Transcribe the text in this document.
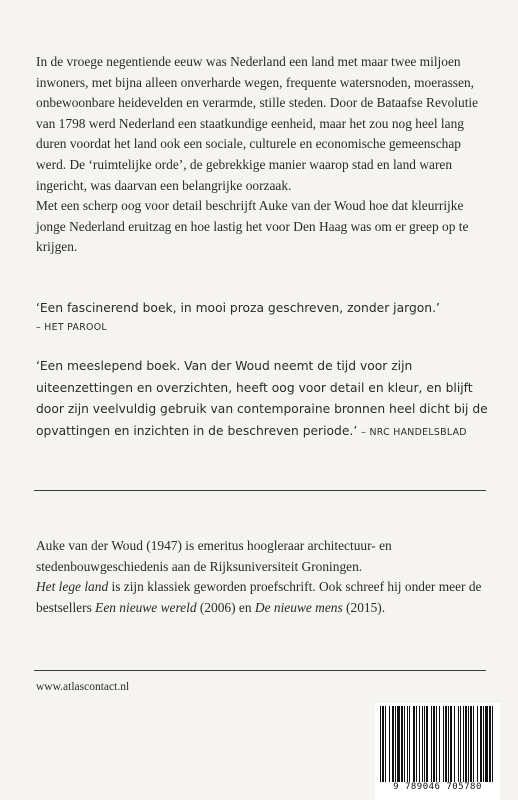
In de vroege negentiende eeuw was Nederland een land met maar twee miljoen inwoners, met bijna alleen onverharde wegen, frequente watersnoden, moerassen, onbewoonbare heidevelden en verarmde, stille steden. Door de Bataafse Revolutie van 1798 werd Nederland een staatkundige eenheid, maar het zou nog heel lang duren voordat het land ook een sociale, culturele en economische gemeenschap werd. De ‘ruimtelijke orde’, de gebrekkige manier waarop stad en land waren ingericht, was daarvan een belangrijke oorzaak.

Met een scherp oog voor detail beschrijft Auke van der Woud hoe dat kleurrijke jonge Nederland eruitzag en hoe lastig het voor Den Haag was om er greep op te krijgen.

‘Een fascinerend boek, in mooi proza geschreven, zonder jargon.’
– HET PAROOL
‘Een meeslepend boek. Van der Woud neemt de tijd voor zijn uiteenzettingen en overzichten, heeft oog voor detail en kleur, en blijft door zijn veelvuldig gebruik van contemporaine bronnen heel dicht bij de opvattingen en inzichten in de beschreven periode.’ – NRC HANDELSBLAD
Auke van der Woud (1947) is emeritus hoogleraar architectuur- en stedenbouwgeschiedenis aan de Rijksuniversiteit Groningen.
Het lege land is zijn klassiek geworden proefschrift. Ook schreef hij onder meer de bestsellers Een nieuwe wereld (2006) en De nieuwe mens (2015).
www.atlascontact.nl
9 789046 705780
